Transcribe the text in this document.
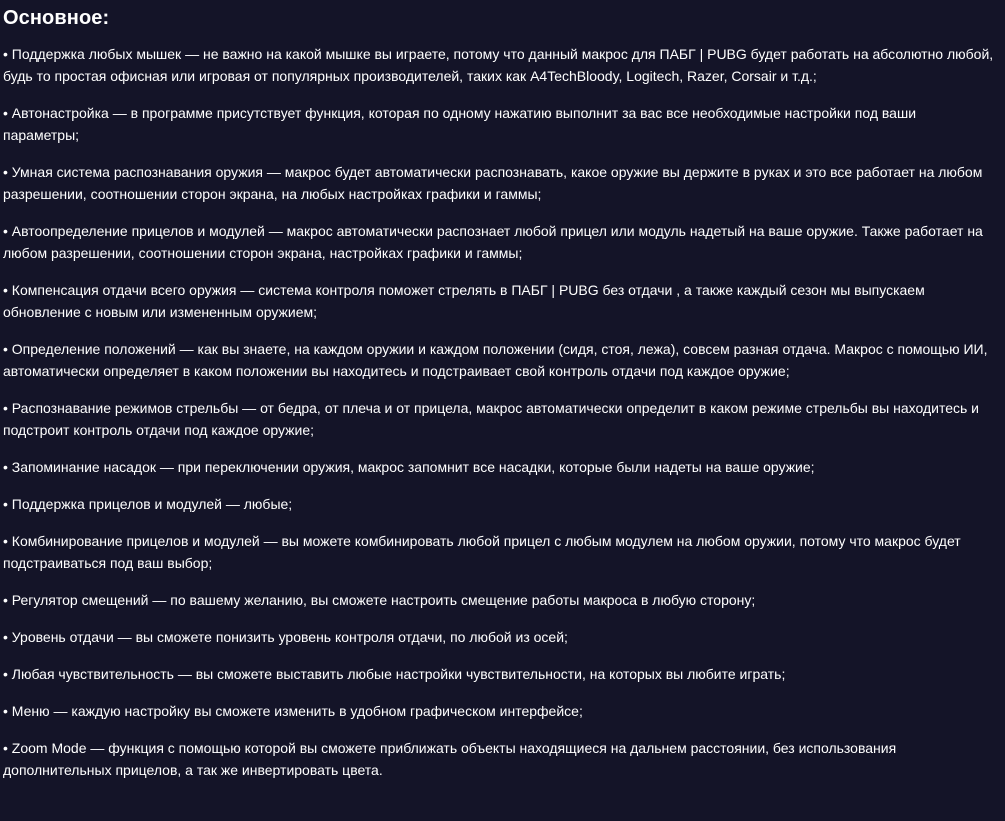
Основное:
• Поддержка любых мышек — не важно на какой мышке вы играете, потому что данный макрос для ПАБГ | PUBG будет работать на абсолютно любой, будь то простая офисная или игровая от популярных производителей, таких как A4TechBloody, Logitech, Razer, Corsair и т.д.;
• Автонастройка — в программе присутствует функция, которая по одному нажатию выполнит за вас все необходимые настройки под ваши параметры;
• Умная система распознавания оружия — макрос будет автоматически распознавать, какое оружие вы держите в руках и это все работает на любом разрешении, соотношении сторон экрана, на любых настройках графики и гаммы;
• Автоопределение прицелов и модулей — макрос автоматически распознает любой прицел или модуль надетый на ваше оружие. Также работает на любом разрешении, соотношении сторон экрана, настройках графики и гаммы;
• Компенсация отдачи всего оружия — система контроля поможет стрелять в ПАБГ | PUBG без отдачи , а также каждый сезон мы выпускаем обновление с новым или измененным оружием;
• Определение положений — как вы знаете, на каждом оружии и каждом положении (сидя, стоя, лежа), совсем разная отдача. Макрос с помощью ИИ, автоматически определяет в каком положении вы находитесь и подстраивает свой контроль отдачи под каждое оружие;
• Распознавание режимов стрельбы — от бедра, от плеча и от прицела, макрос автоматически определит в каком режиме стрельбы вы находитесь и подстроит контроль отдачи под каждое оружие;
• Запоминание насадок — при переключении оружия, макрос запомнит все насадки, которые были надеты на ваше оружие;
• Поддержка прицелов и модулей — любые;
• Комбинирование прицелов и модулей — вы можете комбинировать любой прицел с любым модулем на любом оружии, потому что макрос будет подстраиваться под ваш выбор;
• Регулятор смещений — по вашему желанию, вы сможете настроить смещение работы макроса в любую сторону;
• Уровень отдачи — вы сможете понизить уровень контроля отдачи, по любой из осей;
• Любая чувствительность — вы сможете выставить любые настройки чувствительности, на которых вы любите играть;
• Меню — каждую настройку вы сможете изменить в удобном графическом интерфейсе;
• Zoom Mode — функция с помощью которой вы сможете приближать объекты находящиеся на дальнем расстоянии, без использования дополнительных прицелов, а так же инвертировать цвета.
